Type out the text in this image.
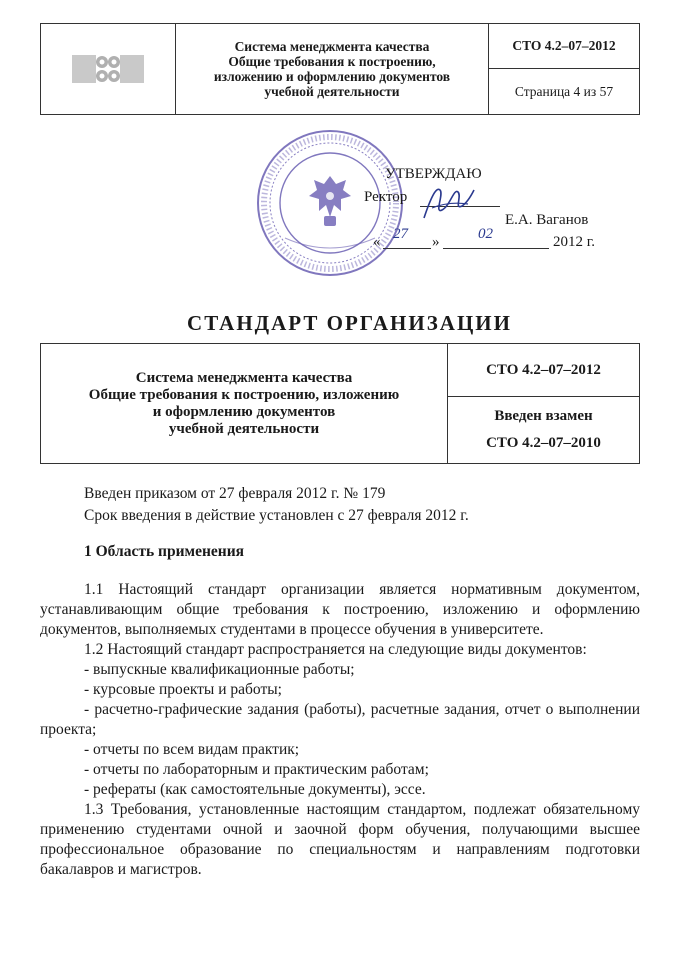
Система менеджмента качества
Общие требования к построению,
изложению и оформлению документов
учебной деятельности
СТО 4.2–07–2012
Страница 4 из 57
УТВЕРЖДАЮ
Ректор
Е.А. Ваганов
« 27 »	02	2012 г.
СТАНДАРТ ОРГАНИЗАЦИИ
Система менеджмента качества
Общие требования к построению, изложению
и оформлению документов
учебной деятельности
СТО 4.2–07–2012
Введен взамен
СТО 4.2–07–2010

Введен приказом от 27 февраля 2012 г. № 179

Срок введения в действие установлен с 27 февраля 2012 г.

1 Область применения

1.1 Настоящий стандарт организации является нормативным документом, устанавливающим общие требования к построению, изложению и оформлению документов, выполняемых студентами в процессе обучения в университете.

1.2 Настоящий стандарт распространяется на следующие виды документов:

- выпускные квалификационные работы;

- курсовые проекты и работы;

- расчетно-графические задания (работы), расчетные задания, отчет о выполнении проекта;

- отчеты по всем видам практик;

- отчеты по лабораторным и практическим работам;

- рефераты (как самостоятельные документы), эссе.

1.3 Требования, установленные настоящим стандартом, подлежат обязательному применению студентами очной и заочной форм обучения, получающими высшее профессиональное образование по специальностям и направлениям подготовки бакалавров и магистров.
